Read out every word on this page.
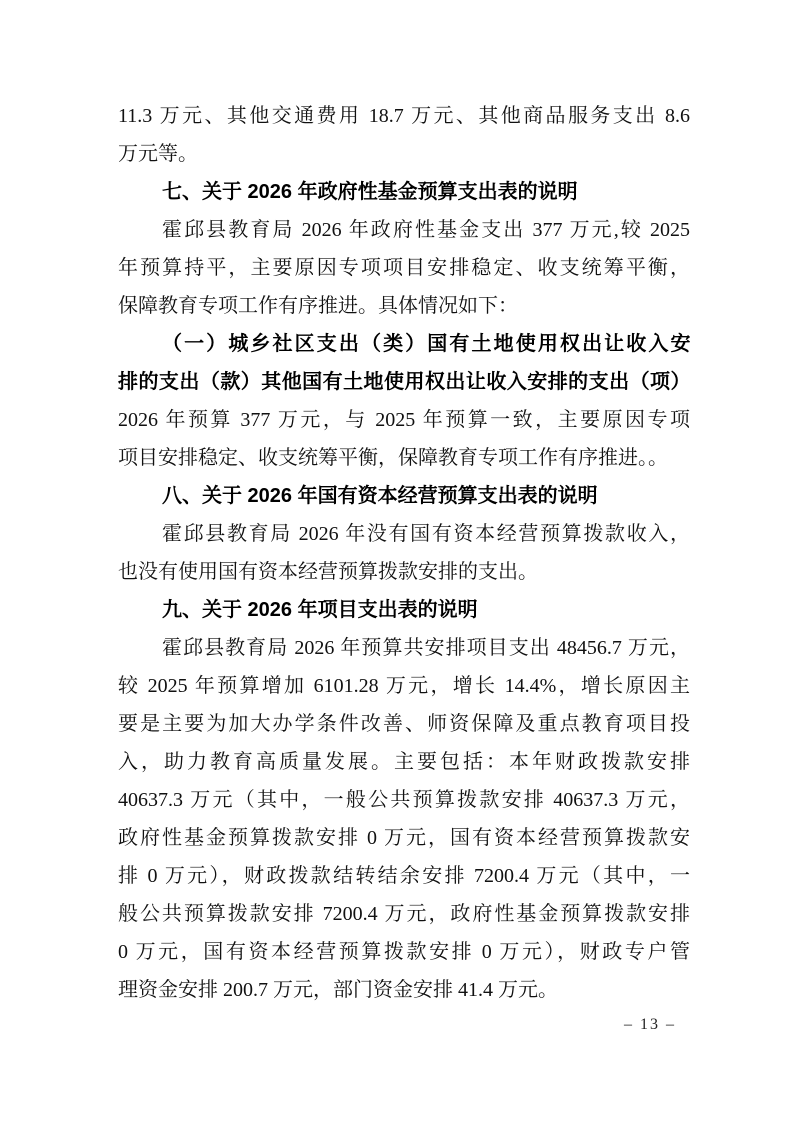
11.3 万元、其他交通费用 18.7 万元、其他商品服务支出 8.6
万元等。
七、关于 2026 年政府性基金预算支出表的说明
霍邱县教育局 2026 年政府性基金支出 377 万元,较 2025
年预算持平，主要原因专项项目安排稳定、收支统筹平衡，
保障教育专项工作有序推进。具体情况如下：
（一）城乡社区支出（类）国有土地使用权出让收入安
排的支出（款）其他国有土地使用权出让收入安排的支出（项）
2026 年预算 377 万元，与 2025 年预算一致，主要原因专项
项目安排稳定、收支统筹平衡，保障教育专项工作有序推进。。
八、关于 2026 年国有资本经营预算支出表的说明
霍邱县教育局 2026 年没有国有资本经营预算拨款收入，
也没有使用国有资本经营预算拨款安排的支出。
九、关于 2026 年项目支出表的说明
霍邱县教育局 2026 年预算共安排项目支出 48456.7 万元，
较 2025 年预算增加 6101.28 万元，增长 14.4%，增长原因主
要是主要为加大办学条件改善、师资保障及重点教育项目投
入，助力教育高质量发展。主要包括：本年财政拨款安排
40637.3 万元（其中，一般公共预算拨款安排 40637.3 万元，
政府性基金预算拨款安排 0 万元，国有资本经营预算拨款安
排 0 万元），财政拨款结转结余安排 7200.4 万元（其中，一
般公共预算拨款安排 7200.4 万元，政府性基金预算拨款安排
0 万元，国有资本经营预算拨款安排 0 万元），财政专户管
理资金安排 200.7 万元，部门资金安排 41.4 万元。
– 13 –
